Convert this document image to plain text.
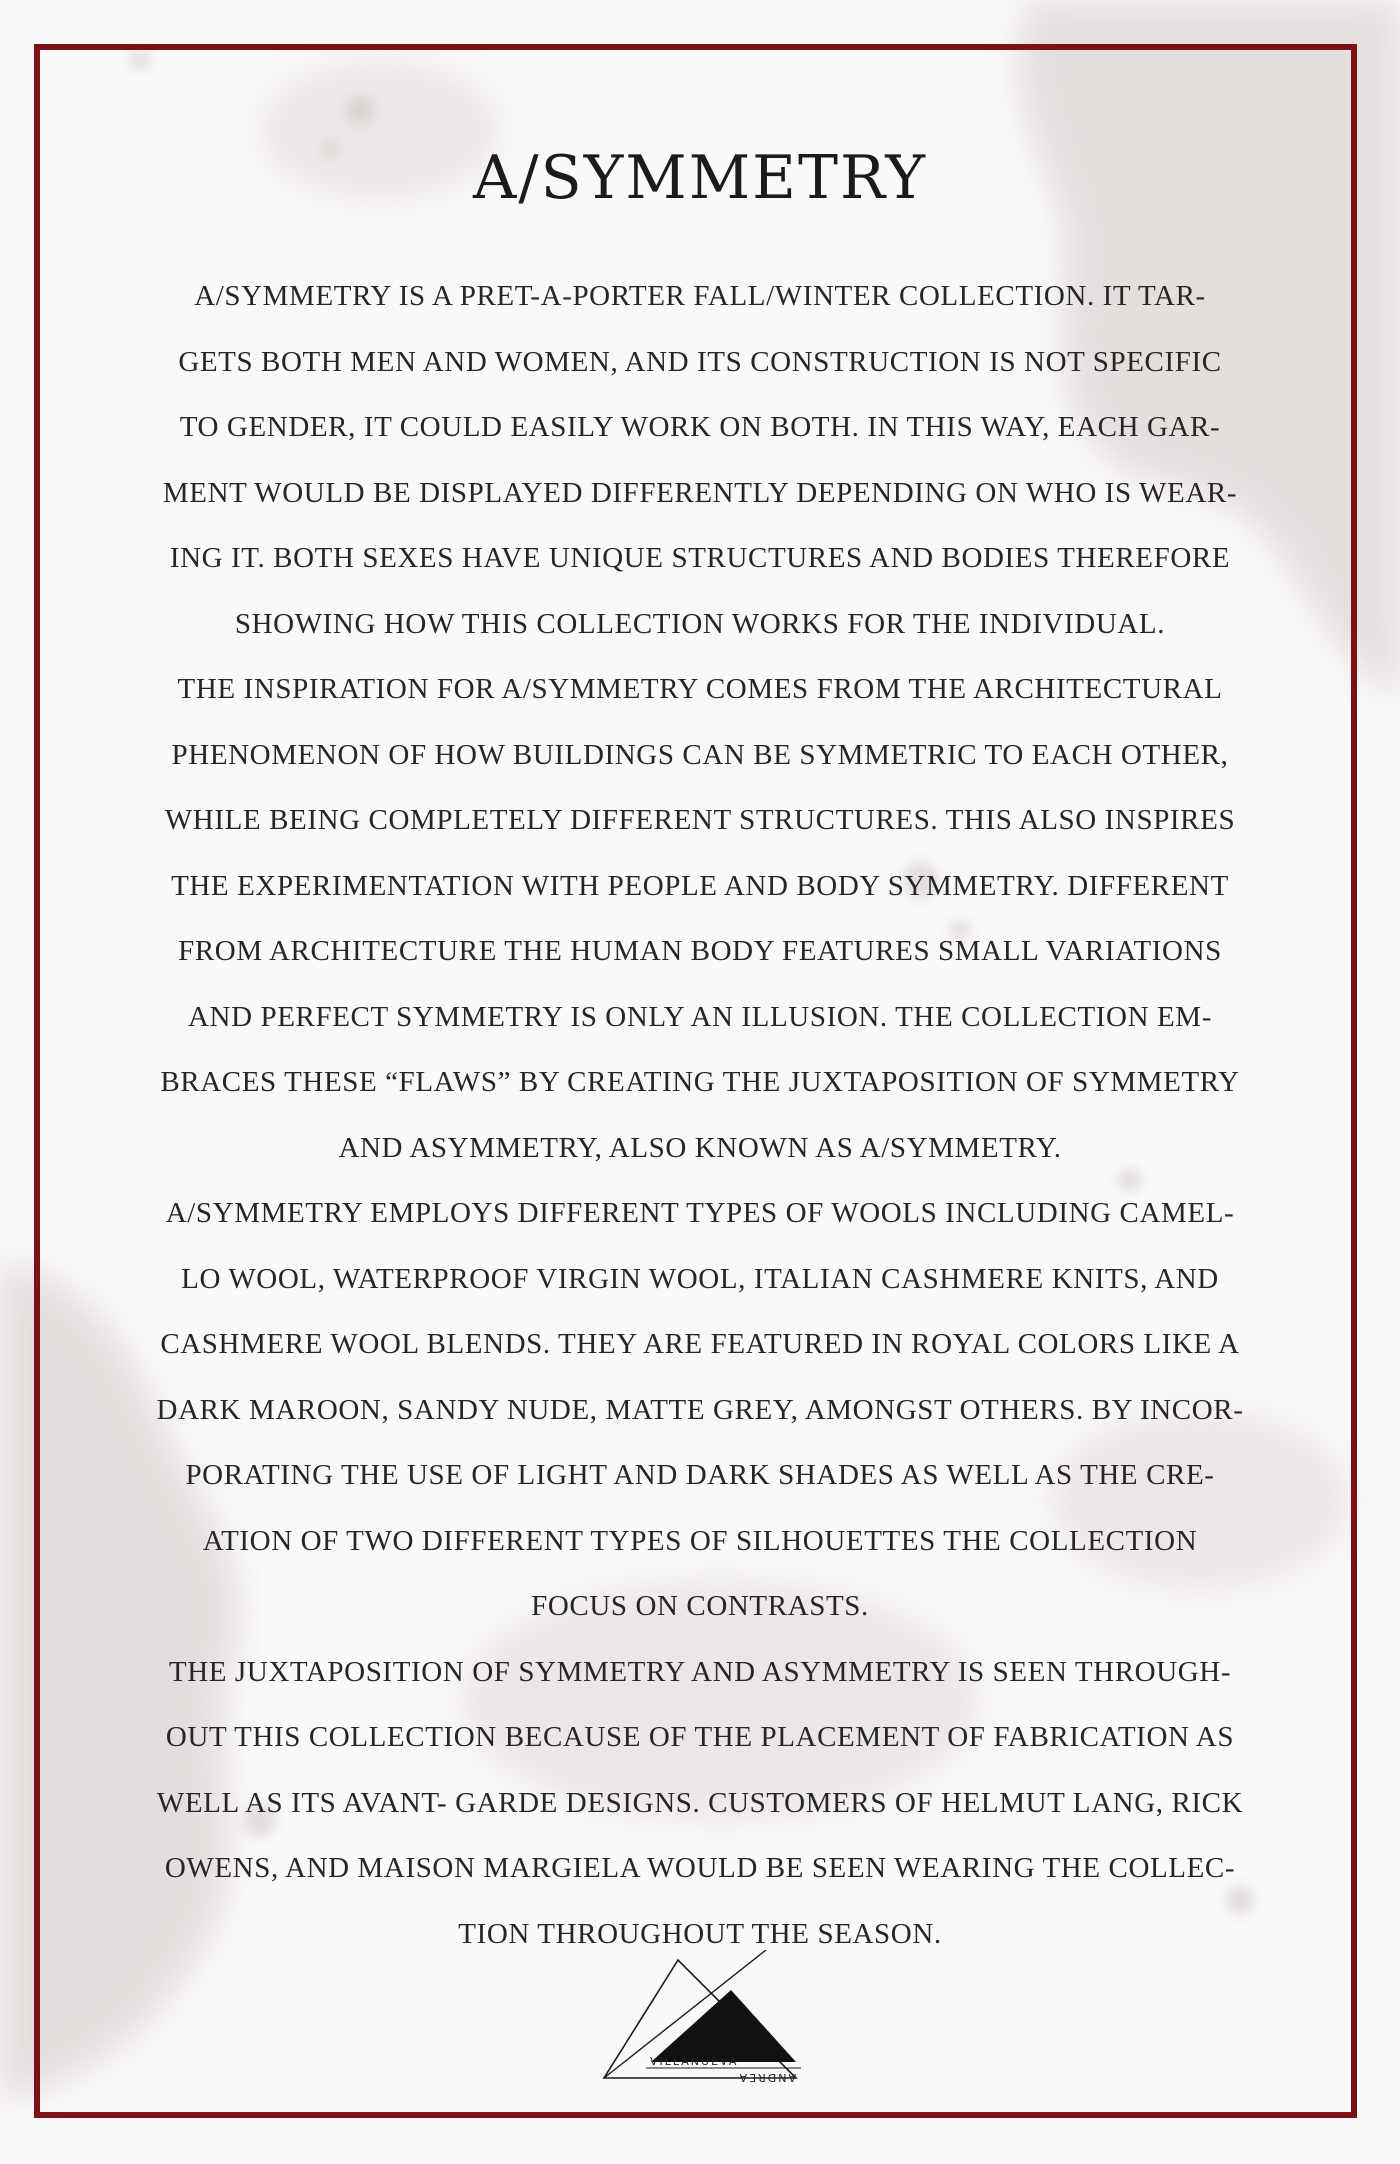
A/SYMMETRY
A/SYMMETRY IS A PRET-A-PORTER FALL/WINTER COLLECTION. IT TAR-
GETS BOTH MEN AND WOMEN, AND ITS CONSTRUCTION IS NOT SPECIFIC
TO GENDER, IT COULD EASILY WORK ON BOTH. IN THIS WAY, EACH GAR-
MENT WOULD BE DISPLAYED DIFFERENTLY DEPENDING ON WHO IS WEAR-
ING IT. BOTH SEXES HAVE UNIQUE STRUCTURES AND BODIES THEREFORE
SHOWING HOW THIS COLLECTION WORKS FOR THE INDIVIDUAL.
THE INSPIRATION FOR A/SYMMETRY COMES FROM THE ARCHITECTURAL
PHENOMENON OF HOW BUILDINGS CAN BE SYMMETRIC TO EACH OTHER,
WHILE BEING COMPLETELY DIFFERENT STRUCTURES. THIS ALSO INSPIRES
THE EXPERIMENTATION WITH PEOPLE AND BODY SYMMETRY. DIFFERENT
FROM ARCHITECTURE THE HUMAN BODY FEATURES SMALL VARIATIONS
AND PERFECT SYMMETRY IS ONLY AN ILLUSION. THE COLLECTION EM-
BRACES THESE “FLAWS” BY CREATING THE JUXTAPOSITION OF SYMMETRY
AND ASYMMETRY, ALSO KNOWN AS A/SYMMETRY.
A/SYMMETRY EMPLOYS DIFFERENT TYPES OF WOOLS INCLUDING CAMEL-
LO WOOL, WATERPROOF VIRGIN WOOL, ITALIAN CASHMERE KNITS, AND
CASHMERE WOOL BLENDS. THEY ARE FEATURED IN ROYAL COLORS LIKE A
DARK MAROON, SANDY NUDE, MATTE GREY, AMONGST OTHERS. BY INCOR-
PORATING THE USE OF LIGHT AND DARK SHADES AS WELL AS THE CRE-
ATION OF TWO DIFFERENT TYPES OF SILHOUETTES THE COLLECTION
FOCUS ON CONTRASTS.
THE JUXTAPOSITION OF SYMMETRY AND ASYMMETRY IS SEEN THROUGH-
OUT THIS COLLECTION BECAUSE OF THE PLACEMENT OF FABRICATION AS
WELL AS ITS AVANT- GARDE DESIGNS. CUSTOMERS OF HELMUT LANG, RICK
OWENS, AND MAISON MARGIELA WOULD BE SEEN WEARING THE COLLEC-
TION THROUGHOUT THE SEASON.
VILLANUEVA
ANDREA
